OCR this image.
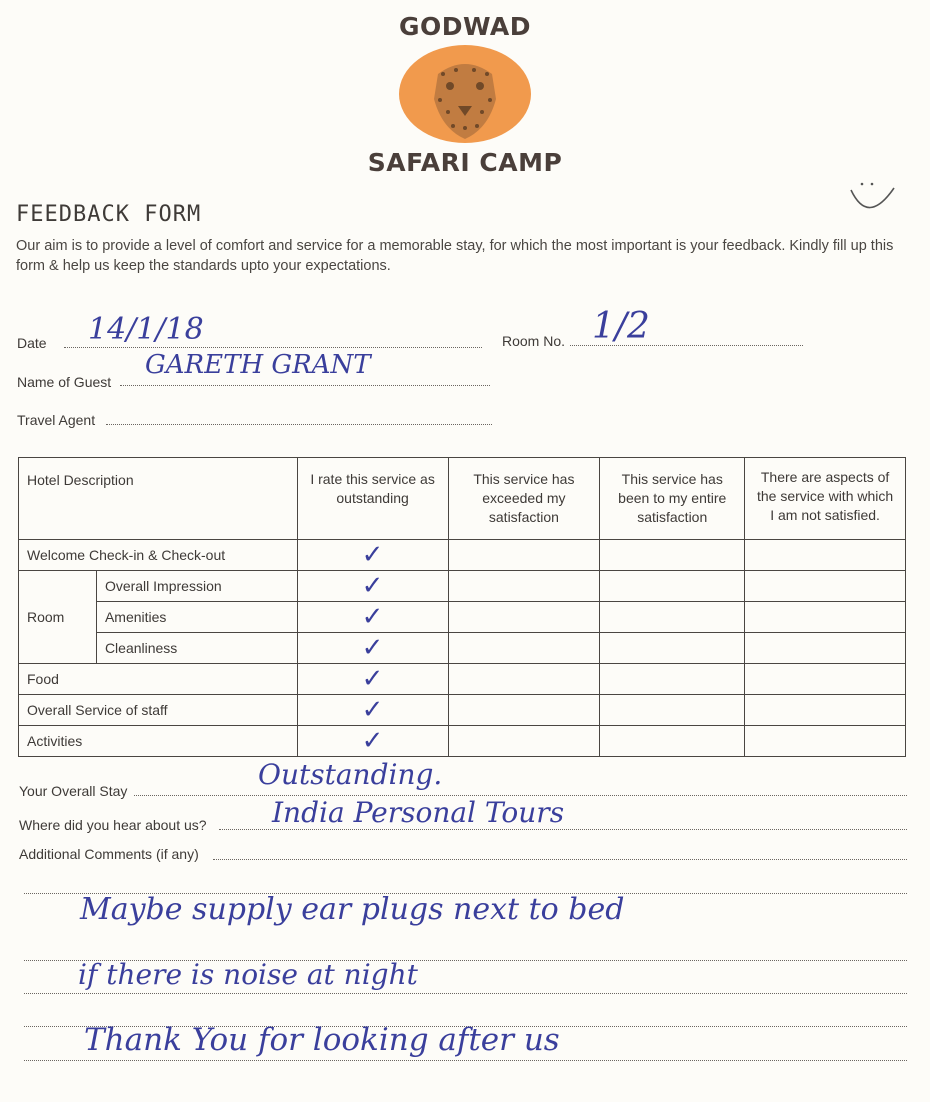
GODWAD
SAFARI CAMP
FEEDBACK FORM
Our aim is to provide a level of comfort and service for a memorable stay, for which the most important is your feedback. Kindly fill up this form & help us keep the standards upto your expectations.
Date 14/1/18	Room No. 1/2
Name of Guest
GARETH GRANT
Travel Agent
Hotel Description		I rate this service as outstanding	This service has exceeded my satisfaction	This service has been to my entire satisfaction	There are aspects of the service with which I am not satisfied.
Welcome Check-in & Check-out		✓			
Room	Overall Impression	✓			
	Amenities	✓			
	Cleanliness	✓			
Food		✓			
Overall Service of staff		✓			
Activities		✓			
Your Overall Stay	Outstanding.
Where did you hear about us? India Personal Tours
Additional Comments (if any)
Maybe supply ear plugs next to bed
if there is noise at night
Thank You for looking after us
